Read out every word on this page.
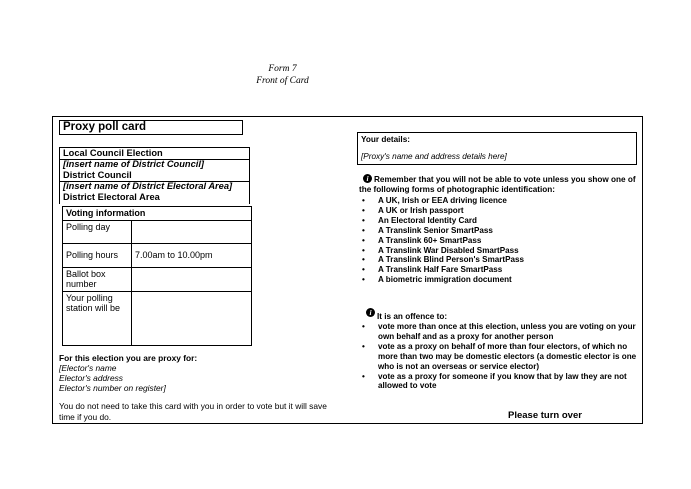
Form 7
Front of Card
Proxy poll card
Local Council Election
[insert name of District Council]
District Council
[insert name of District Electoral Area]
District Electoral Area
Voting information	
Polling day	
Polling hours	7.00am to 10.00pm
Ballot box number	
Your polling station will be	
For this election you are proxy for:
[Elector's name
Elector's address
Elector's number on register]
You do not need to take this card with you in order to vote but it will save time if you do.
Your details:
[Proxy's name and address details here]
i Remember that you will not be able to vote unless you show one of the following forms of photographic identification:
• A UK, Irish or EEA driving licence
• A UK or Irish passport
• An Electoral Identity Card
• A Translink Senior SmartPass
• A Translink 60+ SmartPass
• A Translink War Disabled SmartPass
• A Translink Blind Person's SmartPass
• A Translink Half Fare SmartPass
• A biometric immigration document
i It is an offence to:
• vote more than once at this election, unless you are voting on your own behalf and as a proxy for another person
• vote as a proxy on behalf of more than four electors, of which no more than two may be domestic electors (a domestic elector is one who is not an overseas or service elector)
• vote as a proxy for someone if you know that by law they are not allowed to vote
Please turn over
